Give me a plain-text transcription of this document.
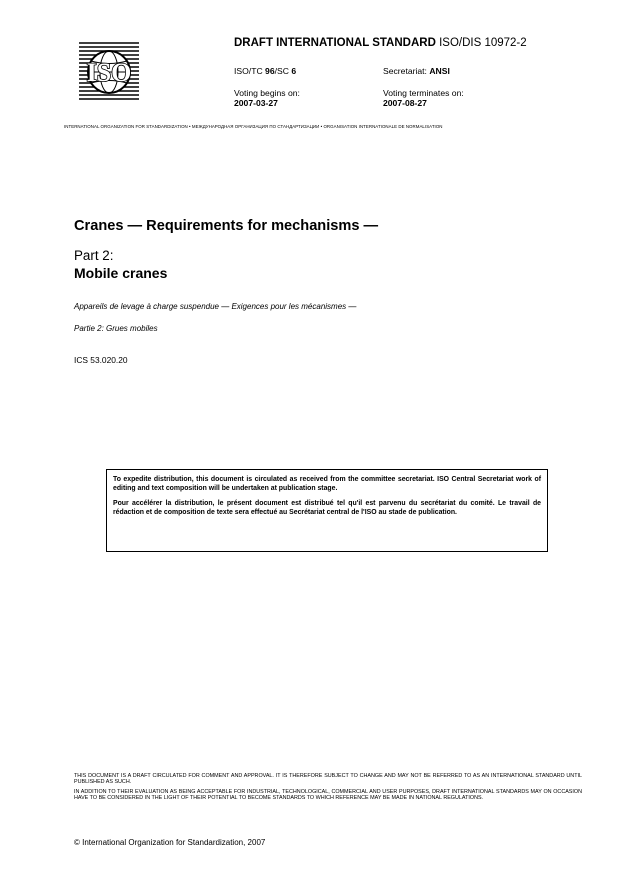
ISO
DRAFT INTERNATIONAL STANDARD ISO/DIS 10972-2
ISO/TC 96/SC 6	Secretariat: ANSI
Voting begins on:
2007-03-27
Voting terminates on:
2007-08-27
INTERNATIONAL ORGANIZATION FOR STANDARDIZATION • МЕЖДУНАРОДНАЯ ОРГАНИЗАЦИЯ ПО СТАНДАРТИЗАЦИИ • ORGANISATION INTERNATIONALE DE NORMALISATION
Cranes — Requirements for mechanisms —
Part 2:
Mobile cranes
Appareils de levage à charge suspendue — Exigences pour les mécanismes —
Partie 2: Grues mobiles
ICS 53.020.20

To expedite distribution, this document is circulated as received from the committee secretariat. ISO Central Secretariat work of editing and text composition will be undertaken at publication stage.

Pour accélérer la distribution, le présent document est distribué tel qu'il est parvenu du secrétariat du comité. Le travail de rédaction et de composition de texte sera effectué au Secrétariat central de l'ISO au stade de publication.

THIS DOCUMENT IS A DRAFT CIRCULATED FOR COMMENT AND APPROVAL. IT IS THEREFORE SUBJECT TO CHANGE AND MAY NOT BE REFERRED TO AS AN INTERNATIONAL STANDARD UNTIL PUBLISHED AS SUCH.
IN ADDITION TO THEIR EVALUATION AS BEING ACCEPTABLE FOR INDUSTRIAL, TECHNOLOGICAL, COMMERCIAL AND USER PURPOSES, DRAFT INTERNATIONAL STANDARDS MAY ON OCCASION HAVE TO BE CONSIDERED IN THE LIGHT OF THEIR POTENTIAL TO BECOME STANDARDS TO WHICH REFERENCE MAY BE MADE IN NATIONAL REGULATIONS.
© International Organization for Standardization, 2007
